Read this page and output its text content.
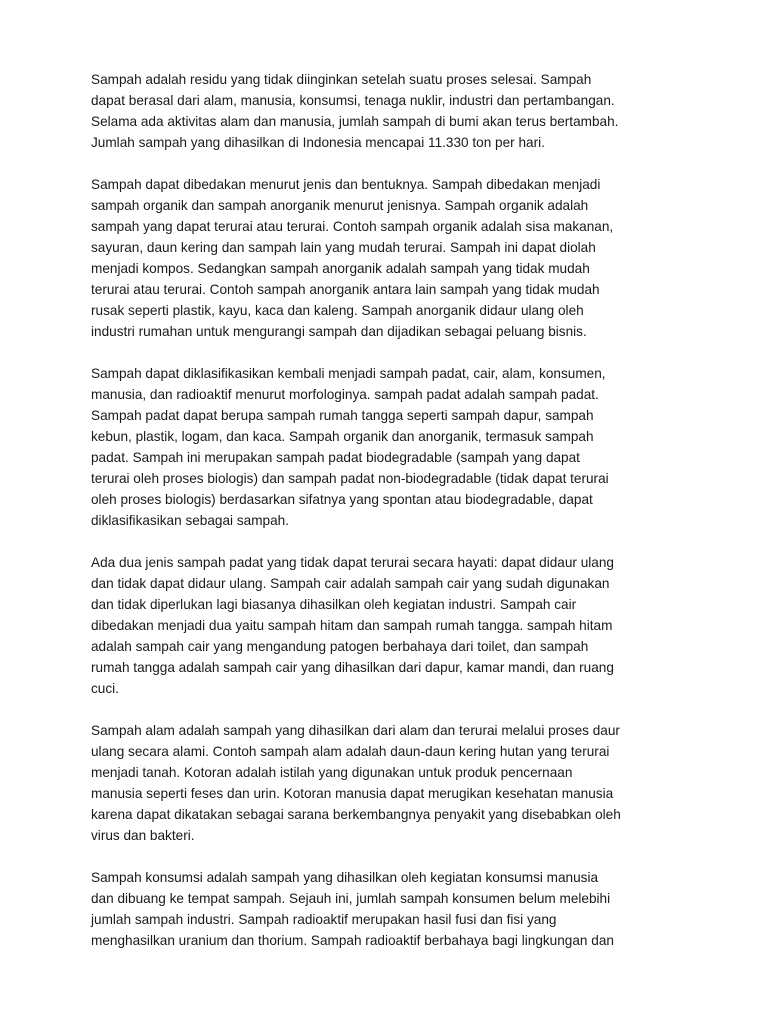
Sampah adalah residu yang tidak diinginkan setelah suatu proses selesai. Sampah
dapat berasal dari alam, manusia, konsumsi, tenaga nuklir, industri dan pertambangan.
Selama ada aktivitas alam dan manusia, jumlah sampah di bumi akan terus bertambah.
Jumlah sampah yang dihasilkan di Indonesia mencapai 11.330 ton per hari.
Sampah dapat dibedakan menurut jenis dan bentuknya. Sampah dibedakan menjadi
sampah organik dan sampah anorganik menurut jenisnya. Sampah organik adalah
sampah yang dapat terurai atau terurai. Contoh sampah organik adalah sisa makanan,
sayuran, daun kering dan sampah lain yang mudah terurai. Sampah ini dapat diolah
menjadi kompos. Sedangkan sampah anorganik adalah sampah yang tidak mudah
terurai atau terurai. Contoh sampah anorganik antara lain sampah yang tidak mudah
rusak seperti plastik, kayu, kaca dan kaleng. Sampah anorganik didaur ulang oleh
industri rumahan untuk mengurangi sampah dan dijadikan sebagai peluang bisnis.
Sampah dapat diklasifikasikan kembali menjadi sampah padat, cair, alam, konsumen,
manusia, dan radioaktif menurut morfologinya. sampah padat adalah sampah padat.
Sampah padat dapat berupa sampah rumah tangga seperti sampah dapur, sampah
kebun, plastik, logam, dan kaca. Sampah organik dan anorganik, termasuk sampah
padat. Sampah ini merupakan sampah padat biodegradable (sampah yang dapat
terurai oleh proses biologis) dan sampah padat non-biodegradable (tidak dapat terurai
oleh proses biologis) berdasarkan sifatnya yang spontan atau biodegradable, dapat
diklasifikasikan sebagai sampah.
Ada dua jenis sampah padat yang tidak dapat terurai secara hayati: dapat didaur ulang
dan tidak dapat didaur ulang. Sampah cair adalah sampah cair yang sudah digunakan
dan tidak diperlukan lagi biasanya dihasilkan oleh kegiatan industri. Sampah cair
dibedakan menjadi dua yaitu sampah hitam dan sampah rumah tangga. sampah hitam
adalah sampah cair yang mengandung patogen berbahaya dari toilet, dan sampah
rumah tangga adalah sampah cair yang dihasilkan dari dapur, kamar mandi, dan ruang
cuci.
Sampah alam adalah sampah yang dihasilkan dari alam dan terurai melalui proses daur
ulang secara alami. Contoh sampah alam adalah daun-daun kering hutan yang terurai
menjadi tanah. Kotoran adalah istilah yang digunakan untuk produk pencernaan
manusia seperti feses dan urin. Kotoran manusia dapat merugikan kesehatan manusia
karena dapat dikatakan sebagai sarana berkembangnya penyakit yang disebabkan oleh
virus dan bakteri.
Sampah konsumsi adalah sampah yang dihasilkan oleh kegiatan konsumsi manusia
dan dibuang ke tempat sampah. Sejauh ini, jumlah sampah konsumen belum melebihi
jumlah sampah industri. Sampah radioaktif merupakan hasil fusi dan fisi yang
menghasilkan uranium dan thorium. Sampah radioaktif berbahaya bagi lingkungan dan
